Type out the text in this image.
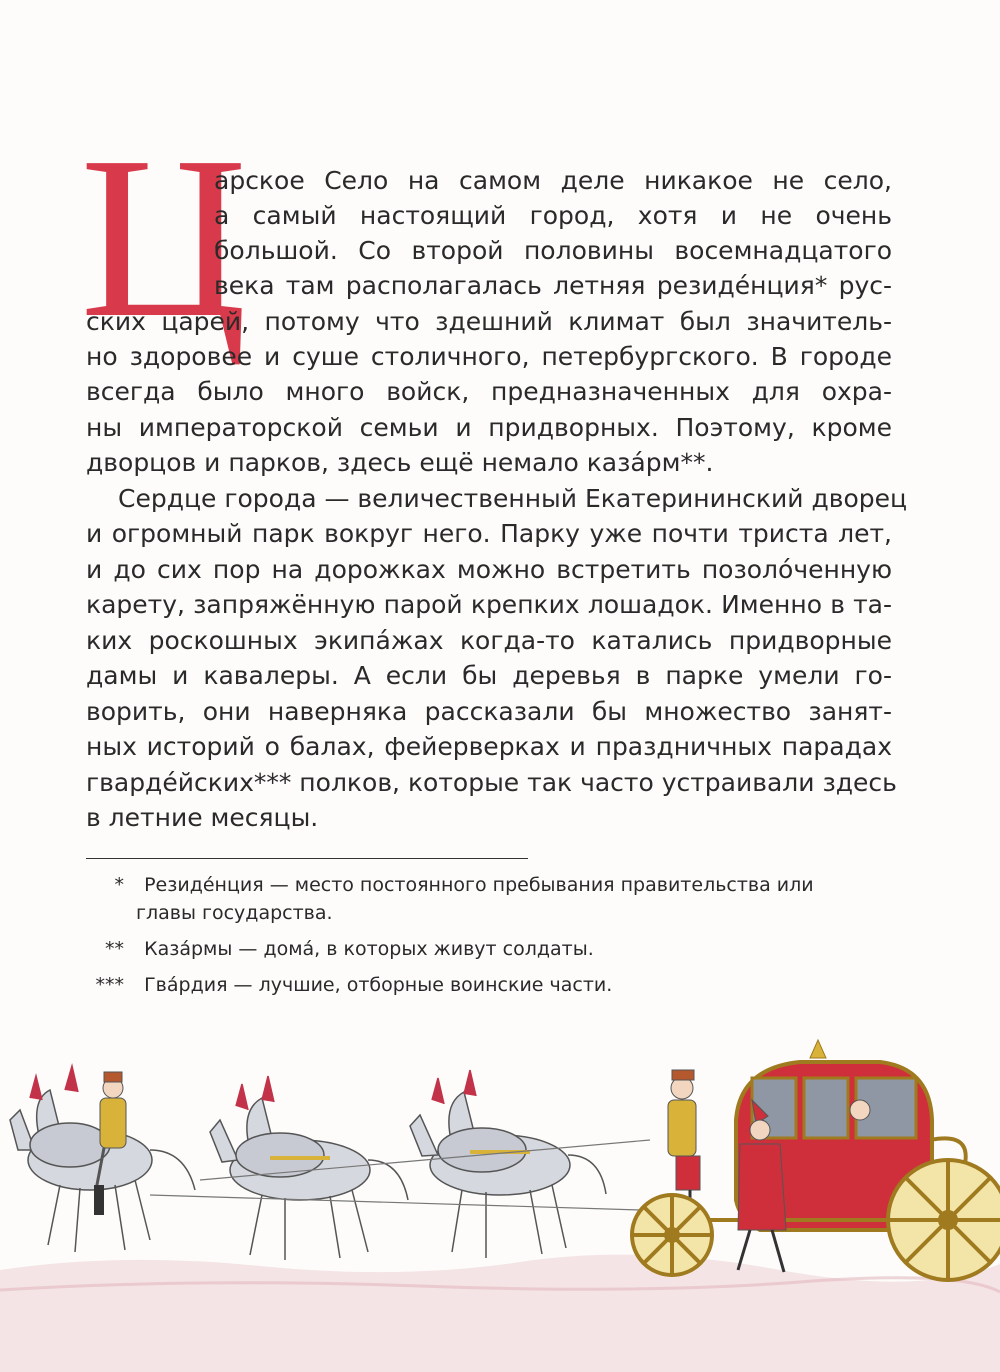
Ц
арское Село на самом деле никакое не село,
а самый настоящий город, хотя и не очень
большой. Со второй половины восемнадцатого
века там располагалась летняя резидéнция* рус-
ских царей, потому что здешний климат был значитель-
но здоровее и суше столичного, петербургского. В городе
всегда было много войск, предназначенных для охра-
ны императорской семьи и придворных. Поэтому, кроме
дворцов и парков, здесь ещё немало казáрм**.
Сердце города — величественный Екатерининский дворец
и огромный парк вокруг него. Парку уже почти триста лет,
и до сих пор на дорожках можно встретить позолóченную
карету, запряжённую парой крепких лошадок. Именно в та-
ких роскошных экипáжах когда-то катались придворные
дамы и кавалеры. А если бы деревья в парке умели го-
ворить, они наверняка рассказали бы множество занят-
ных историй о балах, фейерверках и праздничных парадах
гвардéйских*** полков, которые так часто устраивали здесь
в летние месяцы.
* Резидéнция — место постоянного пребывания правительства или
главы государства.
** Казáрмы — домá, в которых живут солдаты.
*** Гвáрдия — лучшие, отборные воинские части.
